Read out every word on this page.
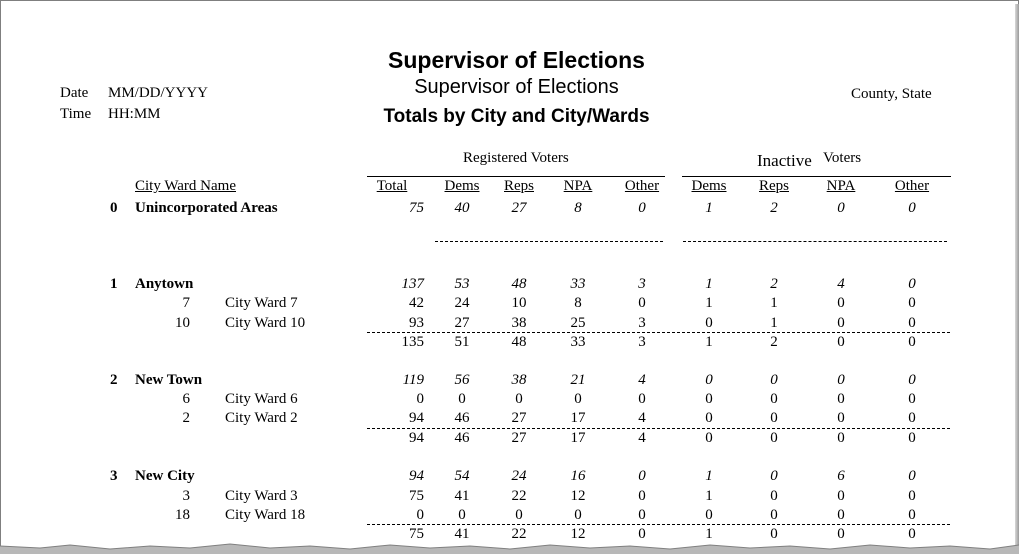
Supervisor of Elections
Supervisor of Elections
Totals by City and City/Wards
Date MM/DD/YYYY
Time HH:MM
County, State
Registered Voters	Inactive Voters
City Ward Name	Total	Dems	Reps	NPA	Other	Dems	Reps	NPA	Other
0 Unincorporated Areas	75	40	27	8	0	1	2	0	0
1 Anytown	137	53	48	33	3	1	2	4	0
7 City Ward 7	42	24	10	8	0	1	1	0	0
10 City Ward 10	93	27	38	25	3	0	1	0	0
135	51	48	33	3	1	2	0	0
2 New Town	119	56	38	21	4	0	0	0	0
6 City Ward 6	0	0	0	0	0	0	0	0	0
2 City Ward 2	94	46	27	17	4	0	0	0	0
94	46	27	17	4	0	0	0	0
3 New City	94	54	24	16	0	1	0	6	0
3 City Ward 3	75	41	22	12	0	1	0	0	0
18 City Ward 18	0	0	0	0	0	0	0	0	0
75	41	22	12	0	1	0	0	0
